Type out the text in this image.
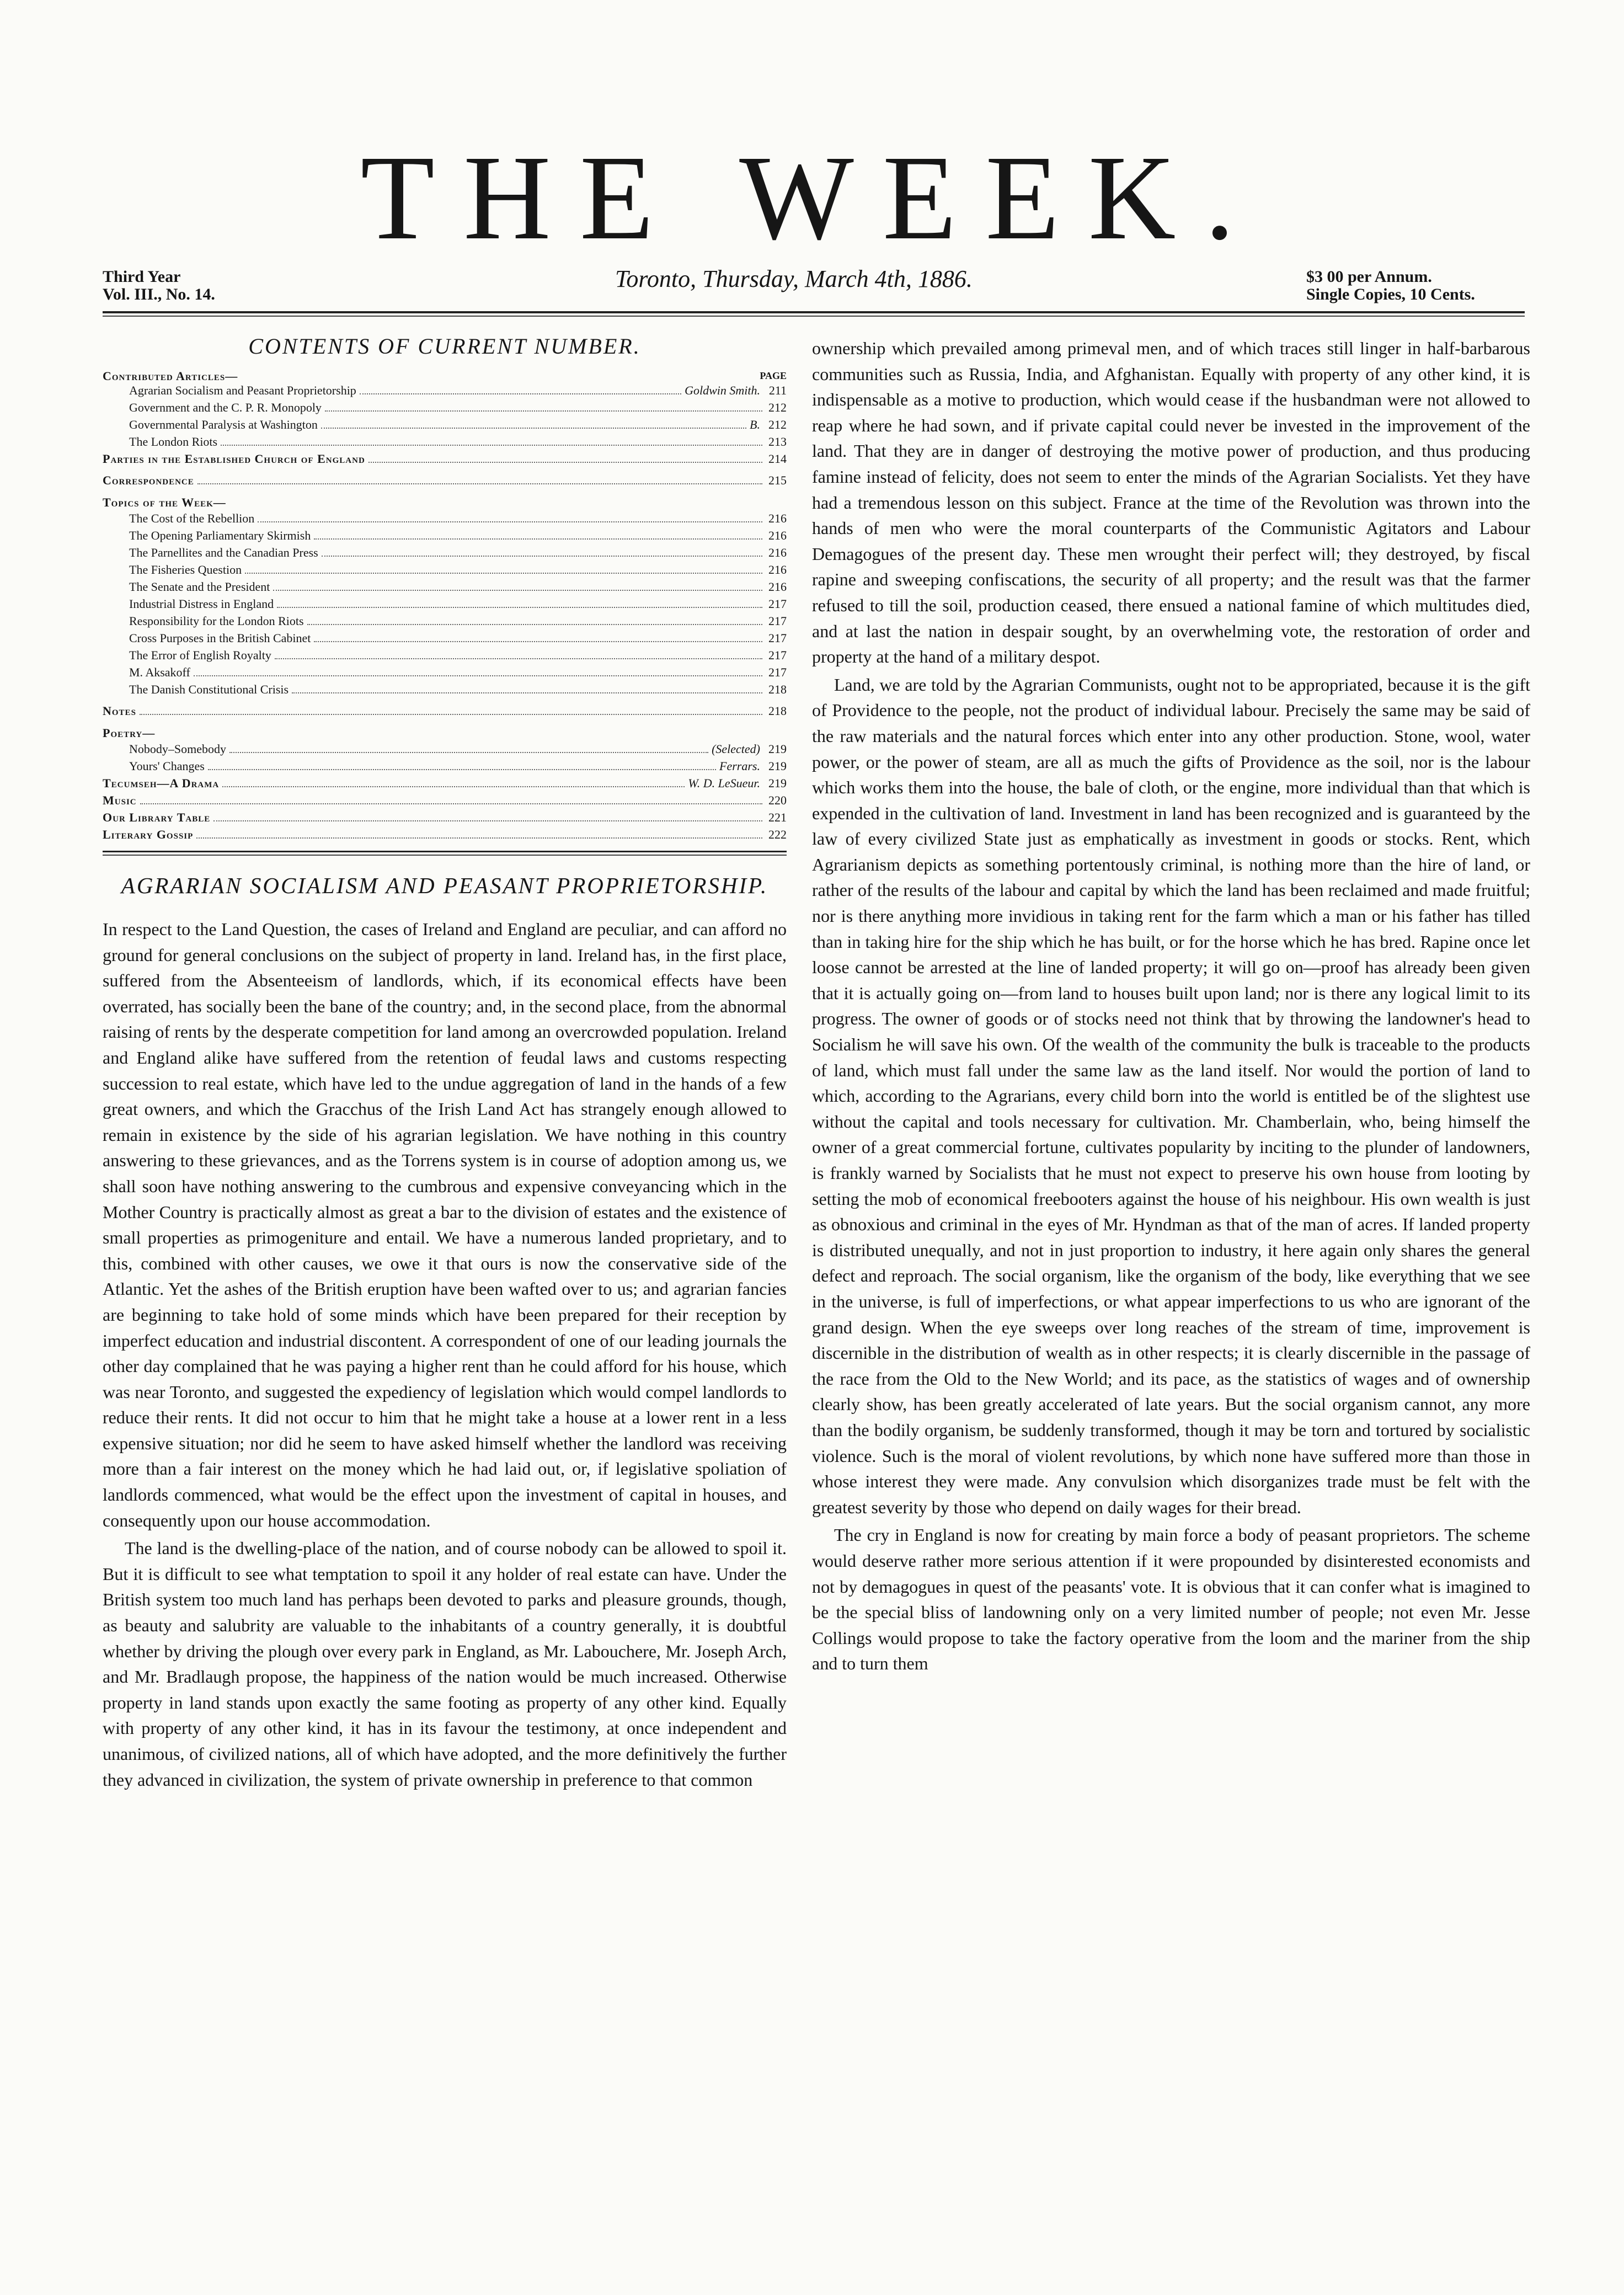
THE WEEK.
Third Year
Vol. III., No. 14.
Toronto, Thursday, March 4th, 1886.	$3 00 per Annum.
Single Copies, 10 Cents.
CONTENTS OF CURRENT NUMBER.
Contributed Articles—	PAGE
Agrarian Socialism and Peasant Proprietorship	Goldwin Smith. 211
Government and the C. P. R. Monopoly	212
Governmental Paralysis at Washington	B. 212
The London Riots	213
Parties in the Established Church of England	214
Correspondence	215
Topics of the Week—
The Cost of the Rebellion	216
The Opening Parliamentary Skirmish	216
The Parnellites and the Canadian Press	216
The Fisheries Question	216
The Senate and the President	216
Industrial Distress in England	217
Responsibility for the London Riots	217
Cross Purposes in the British Cabinet	217
The Error of English Royalty	217
M. Aksakoff	217
The Danish Constitutional Crisis	218
Notes	218
Poetry—
Nobody–Somebody	(Selected) 219
Yours' Changes	Ferrars. 219
Tecumseh—A Drama	W. D. LeSueur. 219
Music	220
Our Library Table	221
Literary Gossip	222
AGRARIAN SOCIALISM AND PEASANT PROPRIETORSHIP.

In respect to the Land Question, the cases of Ireland and England are peculiar, and can afford no ground for general conclusions on the subject of property in land. Ireland has, in the first place, suffered from the Absenteeism of landlords, which, if its economical effects have been overrated, has socially been the bane of the country; and, in the second place, from the abnormal raising of rents by the desperate competition for land among an overcrowded population. Ireland and England alike have suffered from the retention of feudal laws and customs respecting succession to real estate, which have led to the undue aggregation of land in the hands of a few great owners, and which the Gracchus of the Irish Land Act has strangely enough allowed to remain in existence by the side of his agrarian legislation. We have nothing in this country answering to these grievances, and as the Torrens system is in course of adoption among us, we shall soon have nothing answering to the cumbrous and expensive conveyancing which in the Mother Country is practically almost as great a bar to the division of estates and the existence of small properties as primogeniture and entail. We have a numerous landed proprietary, and to this, combined with other causes, we owe it that ours is now the conservative side of the Atlantic. Yet the ashes of the British eruption have been wafted over to us; and agrarian fancies are beginning to take hold of some minds which have been prepared for their reception by imperfect education and industrial discontent. A correspondent of one of our leading journals the other day complained that he was paying a higher rent than he could afford for his house, which was near Toronto, and suggested the expediency of legislation which would compel landlords to reduce their rents. It did not occur to him that he might take a house at a lower rent in a less expensive situation; nor did he seem to have asked himself whether the landlord was receiving more than a fair interest on the money which he had laid out, or, if legislative spoliation of landlords commenced, what would be the effect upon the investment of capital in houses, and consequently upon our house accommodation.

The land is the dwelling-place of the nation, and of course nobody can be allowed to spoil it. But it is difficult to see what temptation to spoil it any holder of real estate can have. Under the British system too much land has perhaps been devoted to parks and pleasure grounds, though, as beauty and salubrity are valuable to the inhabitants of a country generally, it is doubtful whether by driving the plough over every park in England, as Mr. Labouchere, Mr. Joseph Arch, and Mr. Bradlaugh propose, the happiness of the nation would be much increased. Otherwise property in land stands upon exactly the same footing as property of any other kind. Equally with property of any other kind, it has in its favour the testimony, at once independent and unanimous, of civilized nations, all of which have adopted, and the more definitively the further they advanced in civilization, the system of private ownership in preference to that common

ownership which prevailed among primeval men, and of which traces still linger in half-barbarous communities such as Russia, India, and Afghanistan. Equally with property of any other kind, it is indispensable as a motive to production, which would cease if the husbandman were not allowed to reap where he had sown, and if private capital could never be invested in the improvement of the land. That they are in danger of destroying the motive power of production, and thus producing famine instead of felicity, does not seem to enter the minds of the Agrarian Socialists. Yet they have had a tremendous lesson on this subject. France at the time of the Revolution was thrown into the hands of men who were the moral counterparts of the Communistic Agitators and Labour Demagogues of the present day. These men wrought their perfect will; they destroyed, by fiscal rapine and sweeping confiscations, the security of all property; and the result was that the farmer refused to till the soil, production ceased, there ensued a national famine of which multitudes died, and at last the nation in despair sought, by an overwhelming vote, the restoration of order and property at the hand of a military despot.

Land, we are told by the Agrarian Communists, ought not to be appropriated, because it is the gift of Providence to the people, not the product of individual labour. Precisely the same may be said of the raw materials and the natural forces which enter into any other production. Stone, wool, water power, or the power of steam, are all as much the gifts of Providence as the soil, nor is the labour which works them into the house, the bale of cloth, or the engine, more individual than that which is expended in the cultivation of land. Investment in land has been recognized and is guaranteed by the law of every civilized State just as emphatically as investment in goods or stocks. Rent, which Agrarianism depicts as something portentously criminal, is nothing more than the hire of land, or rather of the results of the labour and capital by which the land has been reclaimed and made fruitful; nor is there anything more invidious in taking rent for the farm which a man or his father has tilled than in taking hire for the ship which he has built, or for the horse which he has bred. Rapine once let loose cannot be arrested at the line of landed property; it will go on—proof has already been given that it is actually going on—from land to houses built upon land; nor is there any logical limit to its progress. The owner of goods or of stocks need not think that by throwing the landowner's head to Socialism he will save his own. Of the wealth of the community the bulk is traceable to the products of land, which must fall under the same law as the land itself. Nor would the portion of land to which, according to the Agrarians, every child born into the world is entitled be of the slightest use without the capital and tools necessary for cultivation. Mr. Chamberlain, who, being himself the owner of a great commercial fortune, cultivates popularity by inciting to the plunder of landowners, is frankly warned by Socialists that he must not expect to preserve his own house from looting by setting the mob of economical freebooters against the house of his neighbour. His own wealth is just as obnoxious and criminal in the eyes of Mr. Hyndman as that of the man of acres. If landed property is distributed unequally, and not in just proportion to industry, it here again only shares the general defect and reproach. The social organism, like the organism of the body, like everything that we see in the universe, is full of imperfections, or what appear imperfections to us who are ignorant of the grand design. When the eye sweeps over long reaches of the stream of time, improvement is discernible in the distribution of wealth as in other respects; it is clearly discernible in the passage of the race from the Old to the New World; and its pace, as the statistics of wages and of ownership clearly show, has been greatly accelerated of late years. But the social organism cannot, any more than the bodily organism, be suddenly transformed, though it may be torn and tortured by socialistic violence. Such is the moral of violent revolutions, by which none have suffered more than those in whose interest they were made. Any convulsion which disorganizes trade must be felt with the greatest severity by those who depend on daily wages for their bread.

The cry in England is now for creating by main force a body of peasant proprietors. The scheme would deserve rather more serious attention if it were propounded by disinterested economists and not by demagogues in quest of the peasants' vote. It is obvious that it can confer what is imagined to be the special bliss of landowning only on a very limited number of people; not even Mr. Jesse Collings would propose to take the factory operative from the loom and the mariner from the ship and to turn them
